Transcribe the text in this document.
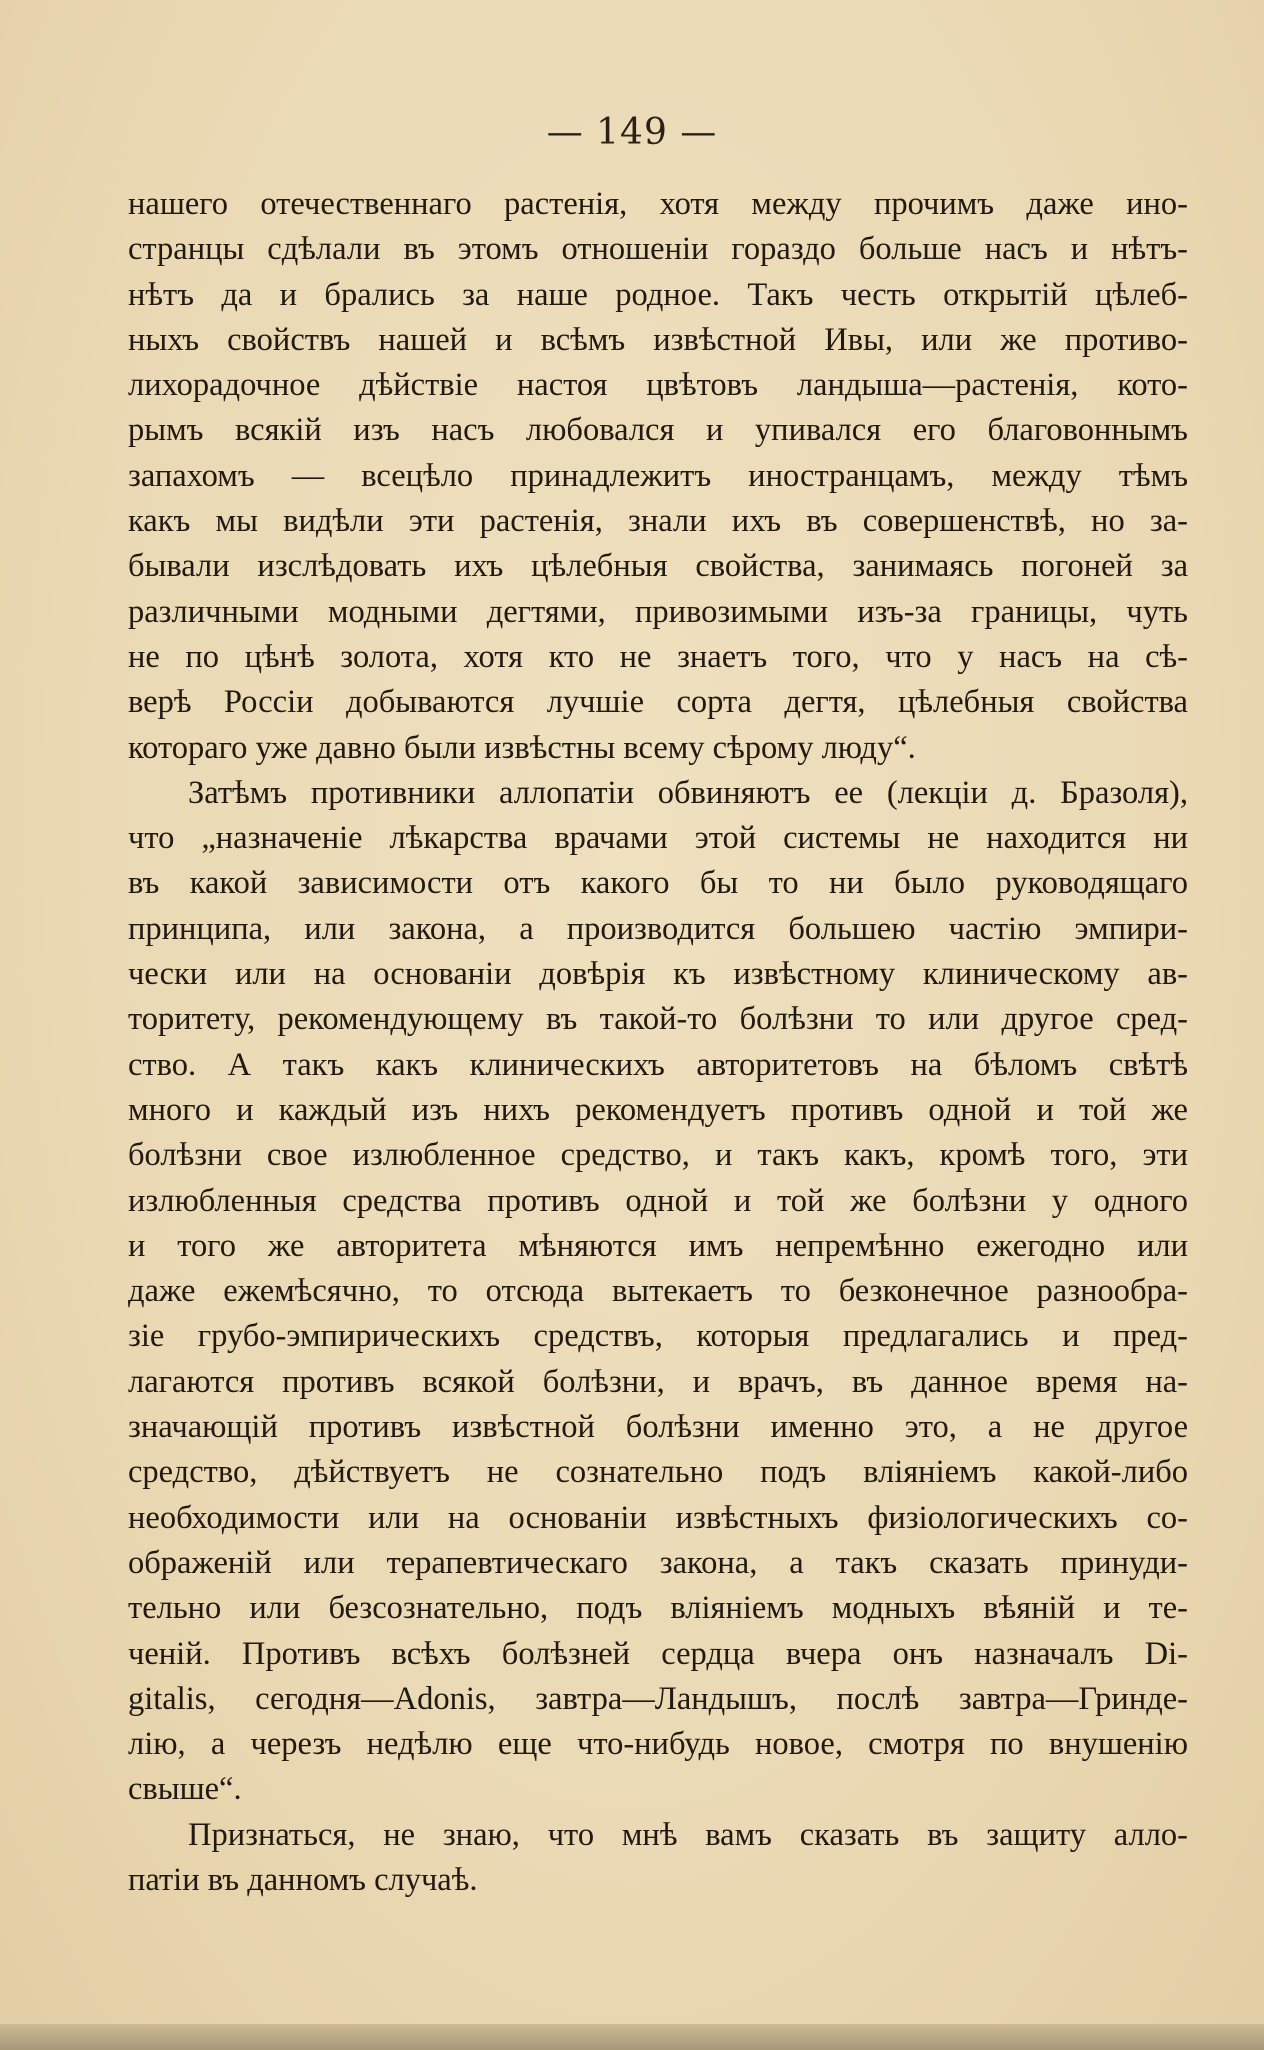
— 149 —
нашего отечественнаго растенія, хотя между прочимъ даже ино-
странцы сдѣлали въ этомъ отношеніи гораздо больше насъ и нѣтъ-
нѣтъ да и брались за наше родное. Такъ честь открытій цѣлеб-
ныхъ свойствъ нашей и всѣмъ извѣстной Ивы, или же противо-
лихорадочное дѣйствіе настоя цвѣтовъ ландыша—растенія, кото-
рымъ всякій изъ насъ любовался и упивался его благовоннымъ
запахомъ — всецѣло принадлежитъ иностранцамъ, между тѣмъ
какъ мы видѣли эти растенія, знали ихъ въ совершенствѣ, но за-
бывали изслѣдовать ихъ цѣлебныя свойства, занимаясь погоней за
различными модными дегтями, привозимыми изъ-за границы, чуть
не по цѣнѣ золота, хотя кто не знаетъ того, что у насъ на сѣ-
верѣ Россіи добываются лучшіе сорта дегтя, цѣлебныя свойства
котораго уже давно были извѣстны всему сѣрому люду“.
Затѣмъ противники аллопатіи обвиняютъ ее (лекціи д. Бразоля),
что „назначеніе лѣкарства врачами этой системы не находится ни
въ какой зависимости отъ какого бы то ни было руководящаго
принципа, или закона, а производится большею частію эмпири-
чески или на основаніи довѣрія къ извѣстному клиническому ав-
торитету, рекомендующему въ такой-то болѣзни то или другое сред-
ство. А такъ какъ клиническихъ авторитетовъ на бѣломъ свѣтѣ
много и каждый изъ нихъ рекомендуетъ противъ одной и той же
болѣзни свое излюбленное средство, и такъ какъ, кромѣ того, эти
излюбленныя средства противъ одной и той же болѣзни у одного
и того же авторитета мѣняются имъ непремѣнно ежегодно или
даже ежемѣсячно, то отсюда вытекаетъ то безконечное разнообра-
зіе грубо-эмпирическихъ средствъ, которыя предлагались и пред-
лагаются противъ всякой болѣзни, и врачъ, въ данное время на-
значающій противъ извѣстной болѣзни именно это, а не другое
средство, дѣйствуетъ не сознательно подъ вліяніемъ какой-либо
необходимости или на основаніи извѣстныхъ физіологическихъ со-
ображеній или терапевтическаго закона, а такъ сказать принуди-
тельно или безсознательно, подъ вліяніемъ модныхъ вѣяній и те-
ченій. Противъ всѣхъ болѣзней сердца вчера онъ назначалъ Di-
gitalis, сегодня—Adonis, завтра—Ландышъ, послѣ завтра—Гринде-
лію, а черезъ недѣлю еще что-нибудь новое, смотря по внушенію
свыше“.
Признаться, не знаю, что мнѣ вамъ сказать въ защиту алло-
патіи въ данномъ случаѣ.
